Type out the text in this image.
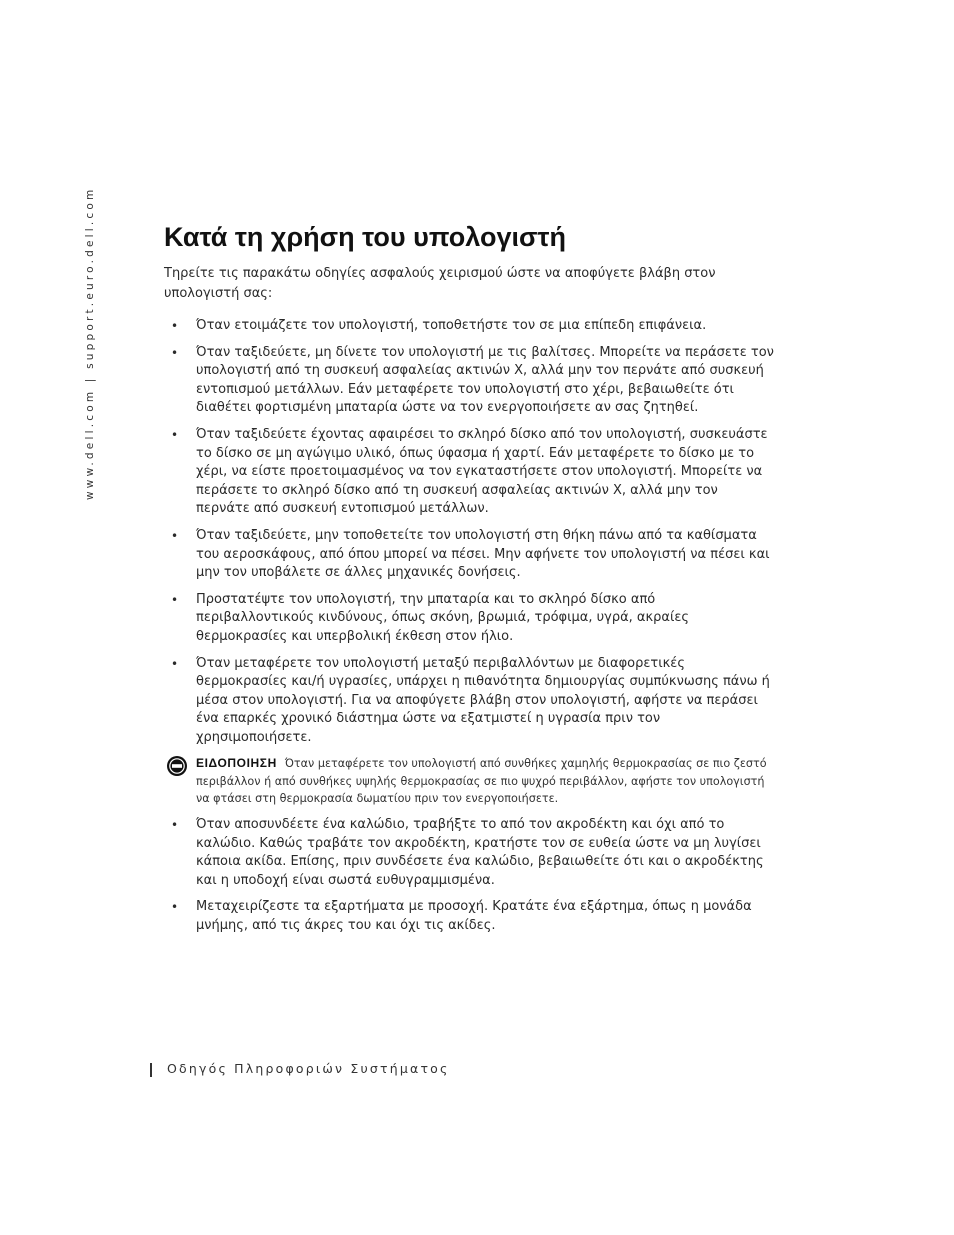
www.dell.com | support.euro.dell.com	Κατά τη χρήση του υπολογιστή

Τηρείτε τις παρακάτω οδηγίες ασφαλούς χειρισμού ώστε να αποφύγετε βλάβη στον υπολογιστή σας:

• Όταν ετοιμάζετε τον υπολογιστή, τοποθετήστε τον σε μια επίπεδη επιφάνεια.
• Όταν ταξιδεύετε, μη δίνετε τον υπολογιστή με τις βαλίτσες. Μπορείτε να περάσετε τον υπολογιστή από τη συσκευή ασφαλείας ακτινών X, αλλά μην τον περνάτε από συσκευή εντοπισμού μετάλλων. Εάν μεταφέρετε τον υπολογιστή στο χέρι, βεβαιωθείτε ότι διαθέτει φορτισμένη μπαταρία ώστε να τον ενεργοποιήσετε αν σας ζητηθεί.
• Όταν ταξιδεύετε έχοντας αφαιρέσει το σκληρό δίσκο από τον υπολογιστή, συσκευάστε το δίσκο σε μη αγώγιμο υλικό, όπως ύφασμα ή χαρτί. Εάν μεταφέρετε το δίσκο με το χέρι, να είστε προετοιμασμένος να τον εγκαταστήσετε στον υπολογιστή. Μπορείτε να περάσετε το σκληρό δίσκο από τη συσκευή ασφαλείας ακτινών X, αλλά μην τον περνάτε από συσκευή εντοπισμού μετάλλων.
• Όταν ταξιδεύετε, μην τοποθετείτε τον υπολογιστή στη θήκη πάνω από τα καθίσματα του αεροσκάφους, από όπου μπορεί να πέσει. Μην αφήνετε τον υπολογιστή να πέσει και μην τον υποβάλετε σε άλλες μηχανικές δονήσεις.
• Προστατέψτε τον υπολογιστή, την μπαταρία και το σκληρό δίσκο από περιβαλλοντικούς κινδύνους, όπως σκόνη, βρωμιά, τρόφιμα, υγρά, ακραίες θερμοκρασίες και υπερβολική έκθεση στον ήλιο.
• Όταν μεταφέρετε τον υπολογιστή μεταξύ περιβαλλόντων με διαφορετικές θερμοκρασίες και/ή υγρασίες, υπάρχει η πιθανότητα δημιουργίας συμπύκνωσης πάνω ή μέσα στον υπολογιστή. Για να αποφύγετε βλάβη στον υπολογιστή, αφήστε να περάσει ένα επαρκές χρονικό διάστημα ώστε να εξατμιστεί η υγρασία πριν τον χρησιμοποιήσετε.
ΕΙΔΟΠΟΙΗΣΗ Όταν μεταφέρετε τον υπολογιστή από συνθήκες χαμηλής θερμοκρασίας σε πιο ζεστό περιβάλλον ή από συνθήκες υψηλής θερμοκρασίας σε πιο ψυχρό περιβάλλον, αφήστε τον υπολογιστή να φτάσει στη θερμοκρασία δωματίου πριν τον ενεργοποιήσετε.
• Όταν αποσυνδέετε ένα καλώδιο, τραβήξτε το από τον ακροδέκτη και όχι από το καλώδιο. Καθώς τραβάτε τον ακροδέκτη, κρατήστε τον σε ευθεία ώστε να μη λυγίσει κάποια ακίδα. Επίσης, πριν συνδέσετε ένα καλώδιο, βεβαιωθείτε ότι και ο ακροδέκτης και η υποδοχή είναι σωστά ευθυγραμμισμένα.
• Μεταχειρίζεστε τα εξαρτήματα με προσοχή. Κρατάτε ένα εξάρτημα, όπως η μονάδα μνήμης, από τις άκρες του και όχι τις ακίδες.
Οδηγός Πληροφοριών Συστήματος
